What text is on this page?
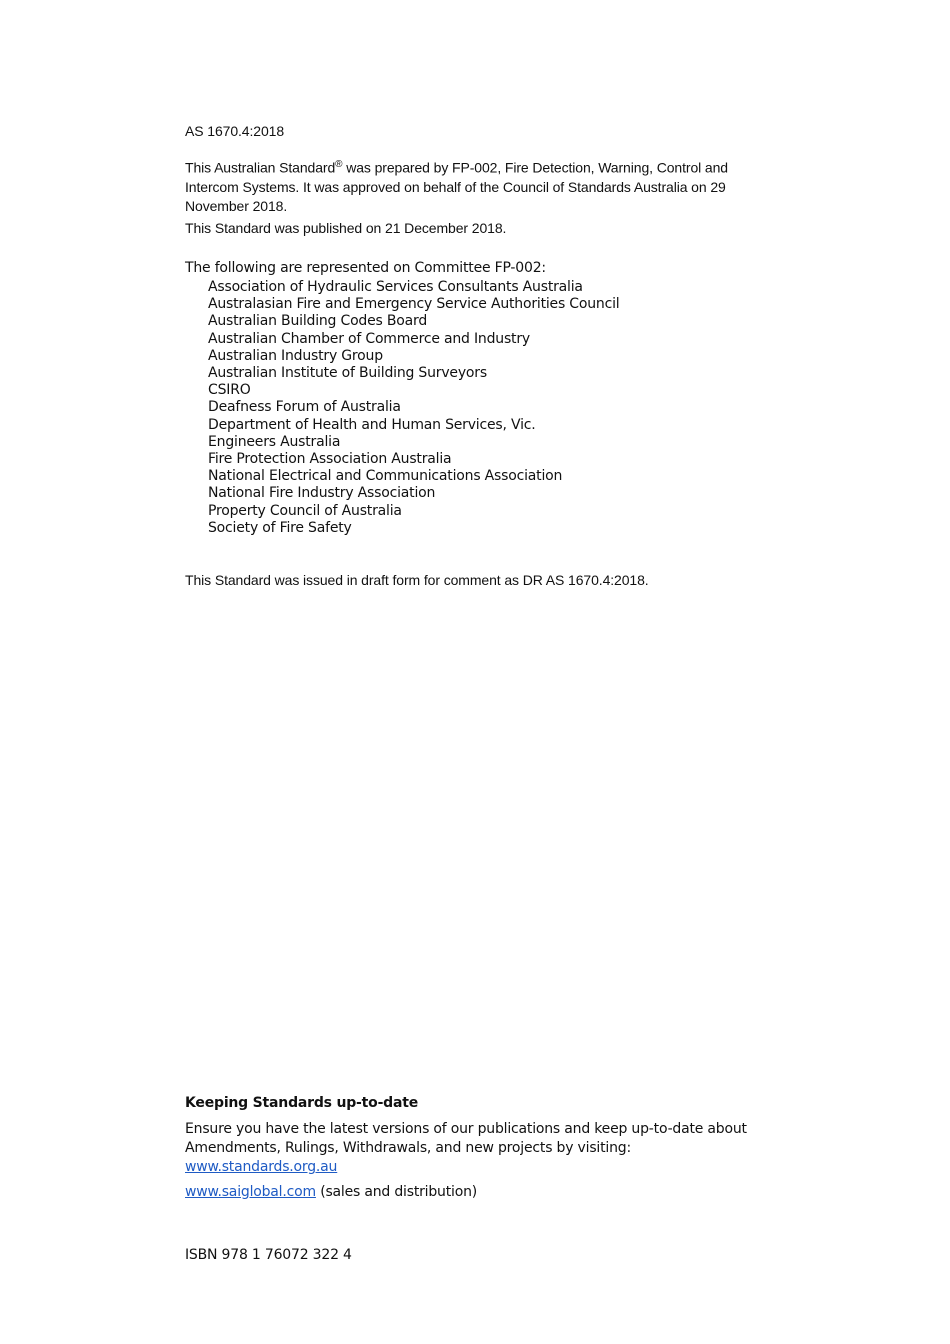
AS 1670.4:2018
This Australian Standard® was prepared by FP-002, Fire Detection, Warning, Control and Intercom Systems. It was approved on behalf of the Council of Standards Australia on 29 November 2018.
This Standard was published on 21 December 2018.
The following are represented on Committee FP-002:
Association of Hydraulic Services Consultants Australia
Australasian Fire and Emergency Service Authorities Council
Australian Building Codes Board
Australian Chamber of Commerce and Industry
Australian Industry Group
Australian Institute of Building Surveyors
CSIRO
Deafness Forum of Australia
Department of Health and Human Services, Vic.
Engineers Australia
Fire Protection Association Australia
National Electrical and Communications Association
National Fire Industry Association
Property Council of Australia
Society of Fire Safety
This Standard was issued in draft form for comment as DR AS 1670.4:2018.
Keeping Standards up-to-date
Ensure you have the latest versions of our publications and keep up-to-date about Amendments, Rulings, Withdrawals, and new projects by visiting:
www.standards.org.au
www.saiglobal.com (sales and distribution)
ISBN 978 1 76072 322 4
